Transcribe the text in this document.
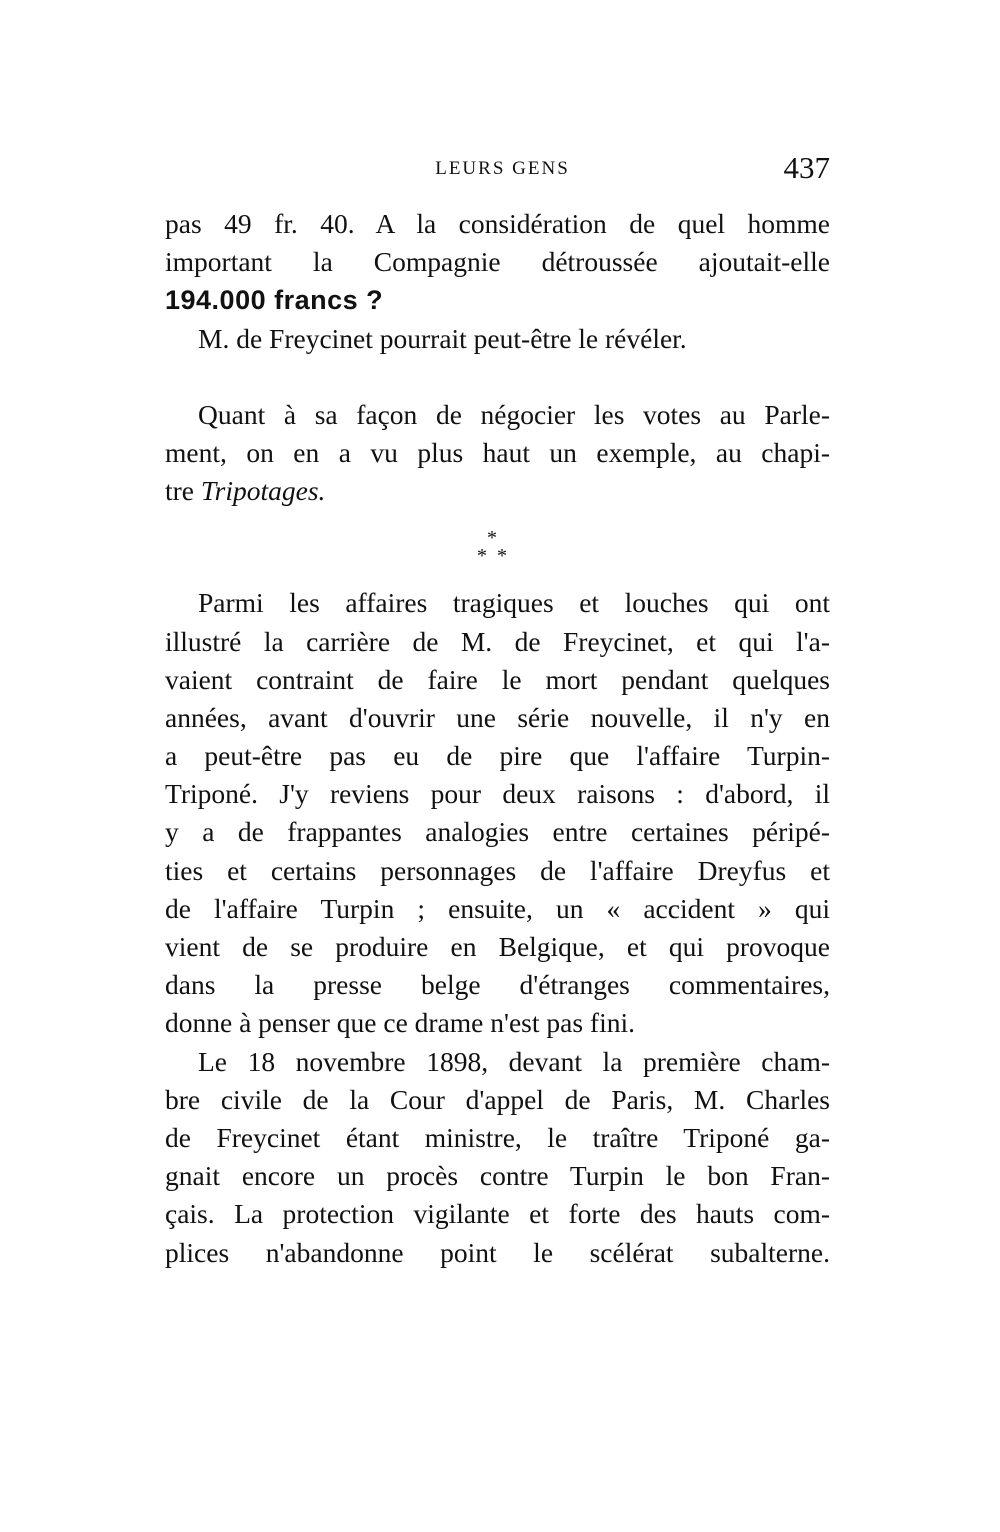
LEURS GENS	437
pas 49 fr. 40. A la considération de quel homme
important la Compagnie détroussée ajoutait-elle
194.000 francs ?
M. de Freycinet pourrait peut-être le révéler.
Quant à sa façon de négocier les votes au Parle-
ment, on en a vu plus haut un exemple, au chapi-
tre Tripotages.
*
* *
Parmi les affaires tragiques et louches qui ont
illustré la carrière de M. de Freycinet, et qui l'a-
vaient contraint de faire le mort pendant quelques
années, avant d'ouvrir une série nouvelle, il n'y en
a peut-être pas eu de pire que l'affaire Turpin-
Triponé. J'y reviens pour deux raisons : d'abord, il
y a de frappantes analogies entre certaines péripé-
ties et certains personnages de l'affaire Dreyfus et
de l'affaire Turpin ; ensuite, un « accident » qui
vient de se produire en Belgique, et qui provoque
dans la presse belge d'étranges commentaires,
donne à penser que ce drame n'est pas fini.
Le 18 novembre 1898, devant la première cham-
bre civile de la Cour d'appel de Paris, M. Charles
de Freycinet étant ministre, le traître Triponé ga-
gnait encore un procès contre Turpin le bon Fran-
çais. La protection vigilante et forte des hauts com-
plices n'abandonne point le scélérat subalterne.
